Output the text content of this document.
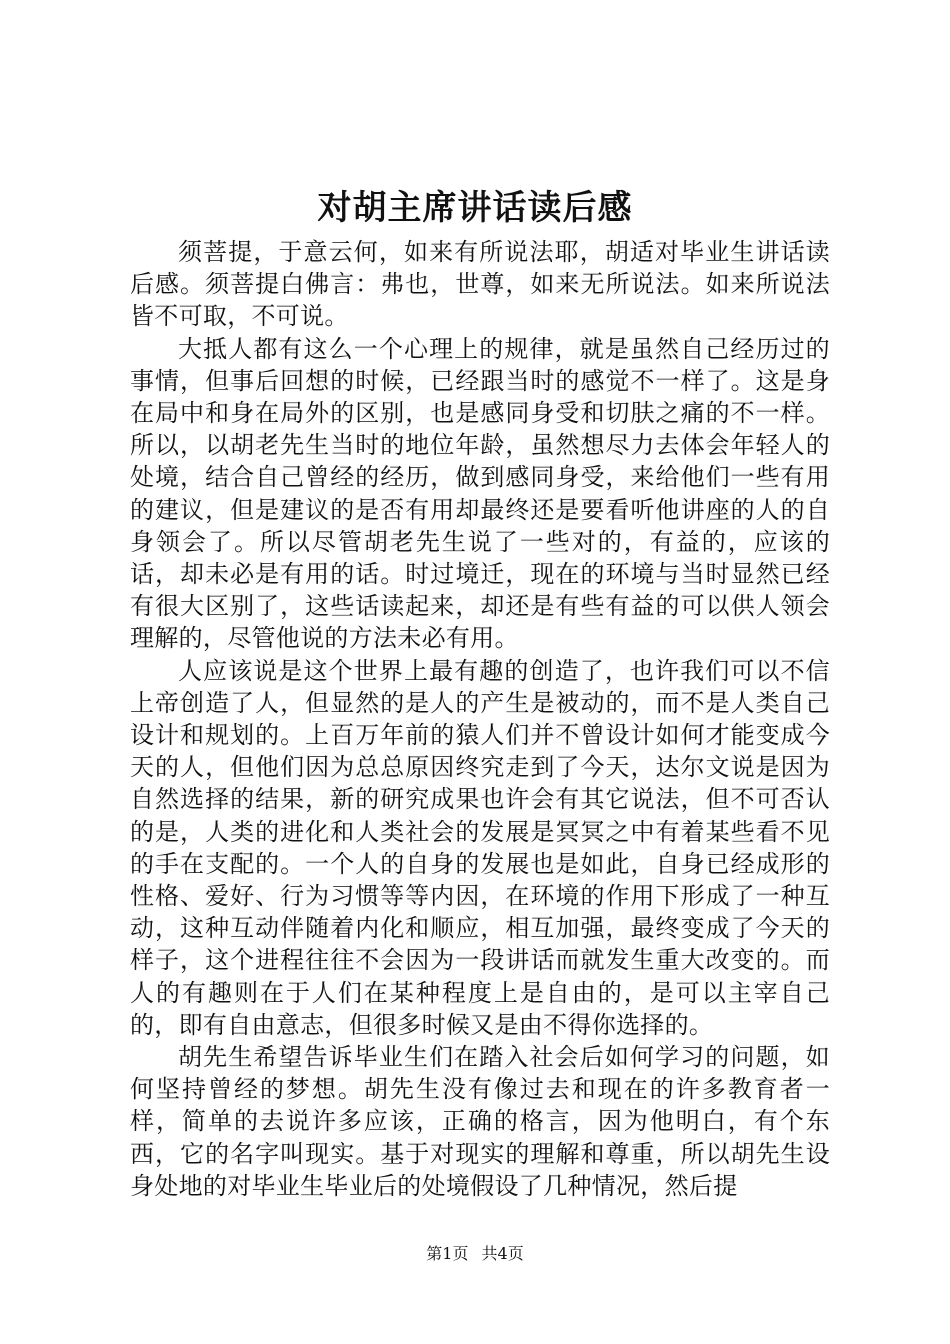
对胡主席讲话读后感

须菩提，于意云何，如来有所说法耶，胡适对毕业生讲话读后感。须菩提白佛言：弗也，世尊，如来无所说法。如来所说法皆不可取，不可说。

大抵人都有这么一个心理上的规律，就是虽然自己经历过的事情，但事后回想的时候，已经跟当时的感觉不一样了。这是身在局中和身在局外的区别，也是感同身受和切肤之痛的不一样。所以，以胡老先生当时的地位年龄，虽然想尽力去体会年轻人的处境，结合自己曾经的经历，做到感同身受，来给他们一些有用的建议，但是建议的是否有用却最终还是要看听他讲座的人的自身领会了。所以尽管胡老先生说了一些对的，有益的，应该的话，却未必是有用的话。时过境迁，现在的环境与当时显然已经有很大区别了，这些话读起来，却还是有些有益的可以供人领会理解的，尽管他说的方法未必有用。

人应该说是这个世界上最有趣的创造了，也许我们可以不信上帝创造了人，但显然的是人的产生是被动的，而不是人类自己设计和规划的。上百万年前的猿人们并不曾设计如何才能变成今天的人，但他们因为总总原因终究走到了今天，达尔文说是因为自然选择的结果，新的研究成果也许会有其它说法，但不可否认的是，人类的进化和人类社会的发展是冥冥之中有着某些看不见的手在支配的。一个人的自身的发展也是如此，自身已经成形的性格、爱好、行为习惯等等内因，在环境的作用下形成了一种互动，这种互动伴随着内化和顺应，相互加强，最终变成了今天的样子，这个进程往往不会因为一段讲话而就发生重大改变的。而人的有趣则在于人们在某种程度上是自由的，是可以主宰自己的，即有自由意志，但很多时候又是由不得你选择的。

胡先生希望告诉毕业生们在踏入社会后如何学习的问题，如何坚持曾经的梦想。胡先生没有像过去和现在的许多教育者一样，简单的去说许多应该，正确的格言，因为他明白，有个东西，它的名字叫现实。基于对现实的理解和尊重，所以胡先生设身处地的对毕业生毕业后的处境假设了几种情况，然后提

第1页 共4页
